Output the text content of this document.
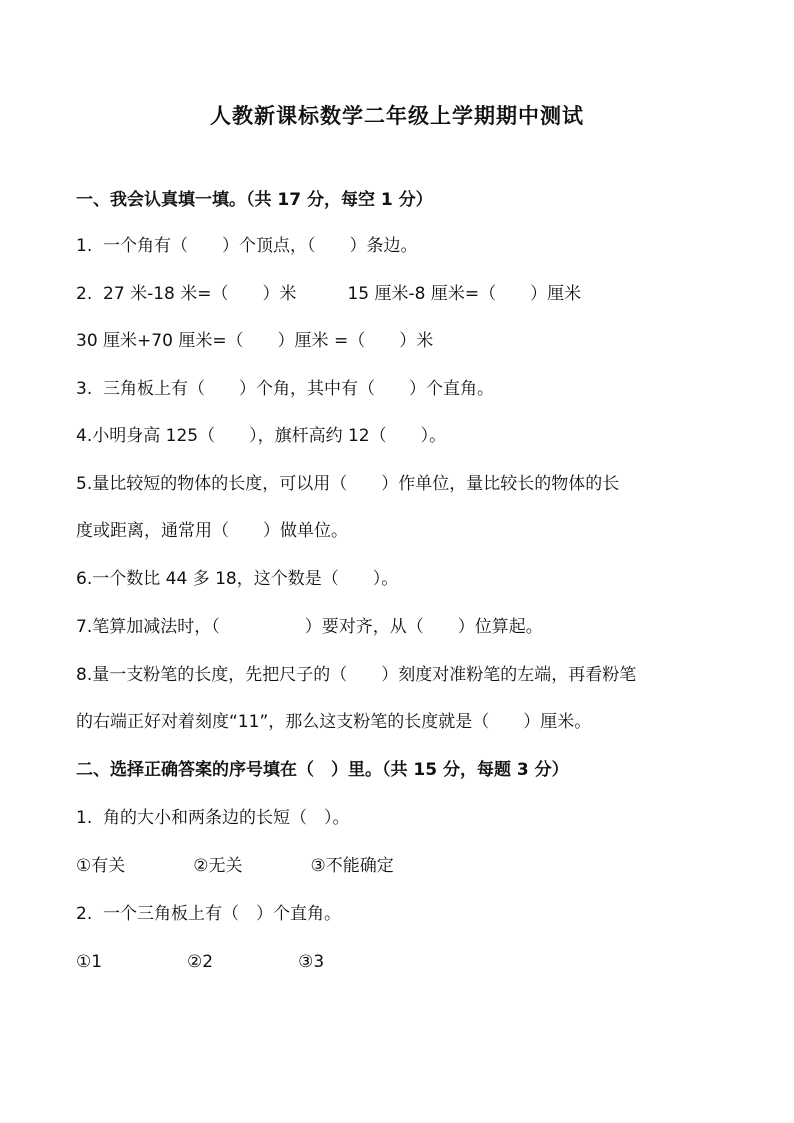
人教新课标数学二年级上学期期中测试
一、我会认真填一填。（共 17 分，每空 1 分）
1.  一个角有（　　）个顶点，（　　）条边。
2.  27 米-18 米=（　　）米　　　15 厘米-8 厘米=（　　）厘米
30 厘米+70 厘米=（　　）厘米 =（　　）米
3.  三角板上有（　　）个角，其中有（　　）个直角。
4.小明身高 125（　　），旗杆高约 12（　　）。
5.量比较短的物体的长度，可以用（　　）作单位，量比较长的物体的长
度或距离，通常用（　　）做单位。
6.一个数比 44 多 18，这个数是（　　）。
7.笔算加减法时，（　　　　　）要对齐，从（　　）位算起。
8.量一支粉笔的长度，先把尺子的（　　）刻度对准粉笔的左端，再看粉笔
的右端正好对着刻度“11”，那么这支粉笔的长度就是（　　）厘米。
二、选择正确答案的序号填在（　）里。（共 15 分，每题 3 分）
1.  角的大小和两条边的长短（　）。
①有关　　　　②无关　　　　③不能确定
2.  一个三角板上有（　）个直角。
①1　　　　　②2　　　　　③3
